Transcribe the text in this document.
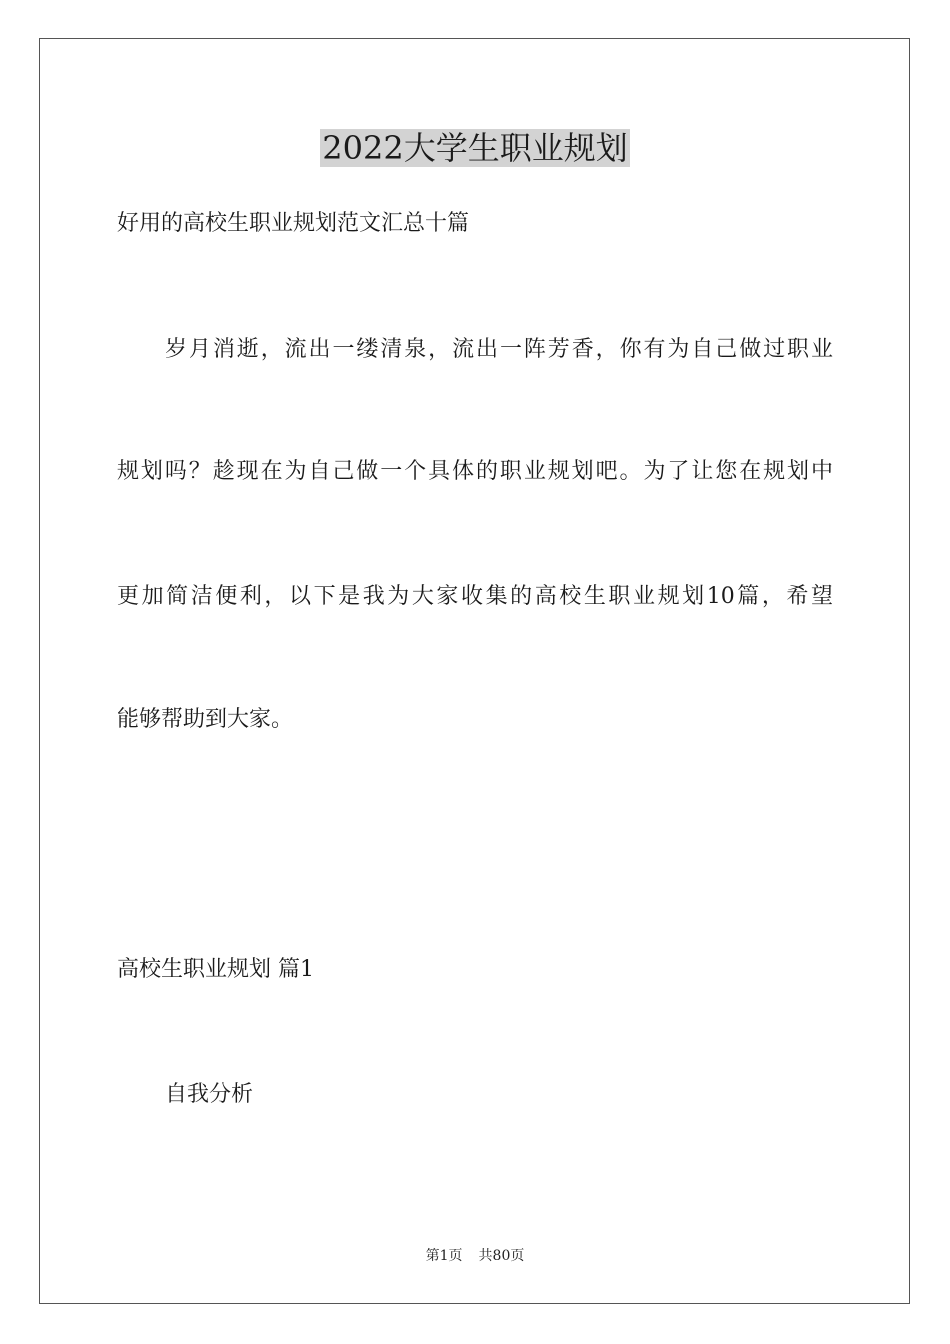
2022大学生职业规划
好用的高校生职业规划范文汇总十篇
岁月消逝，流出一缕清泉，流出一阵芳香，你有为自己做过职业
规划吗？趁现在为自己做一个具体的职业规划吧。为了让您在规划中
更加简洁便利，以下是我为大家收集的高校生职业规划10篇，希望
能够帮助到大家。
高校生职业规划 篇1
自我分析
第1页 共80页
